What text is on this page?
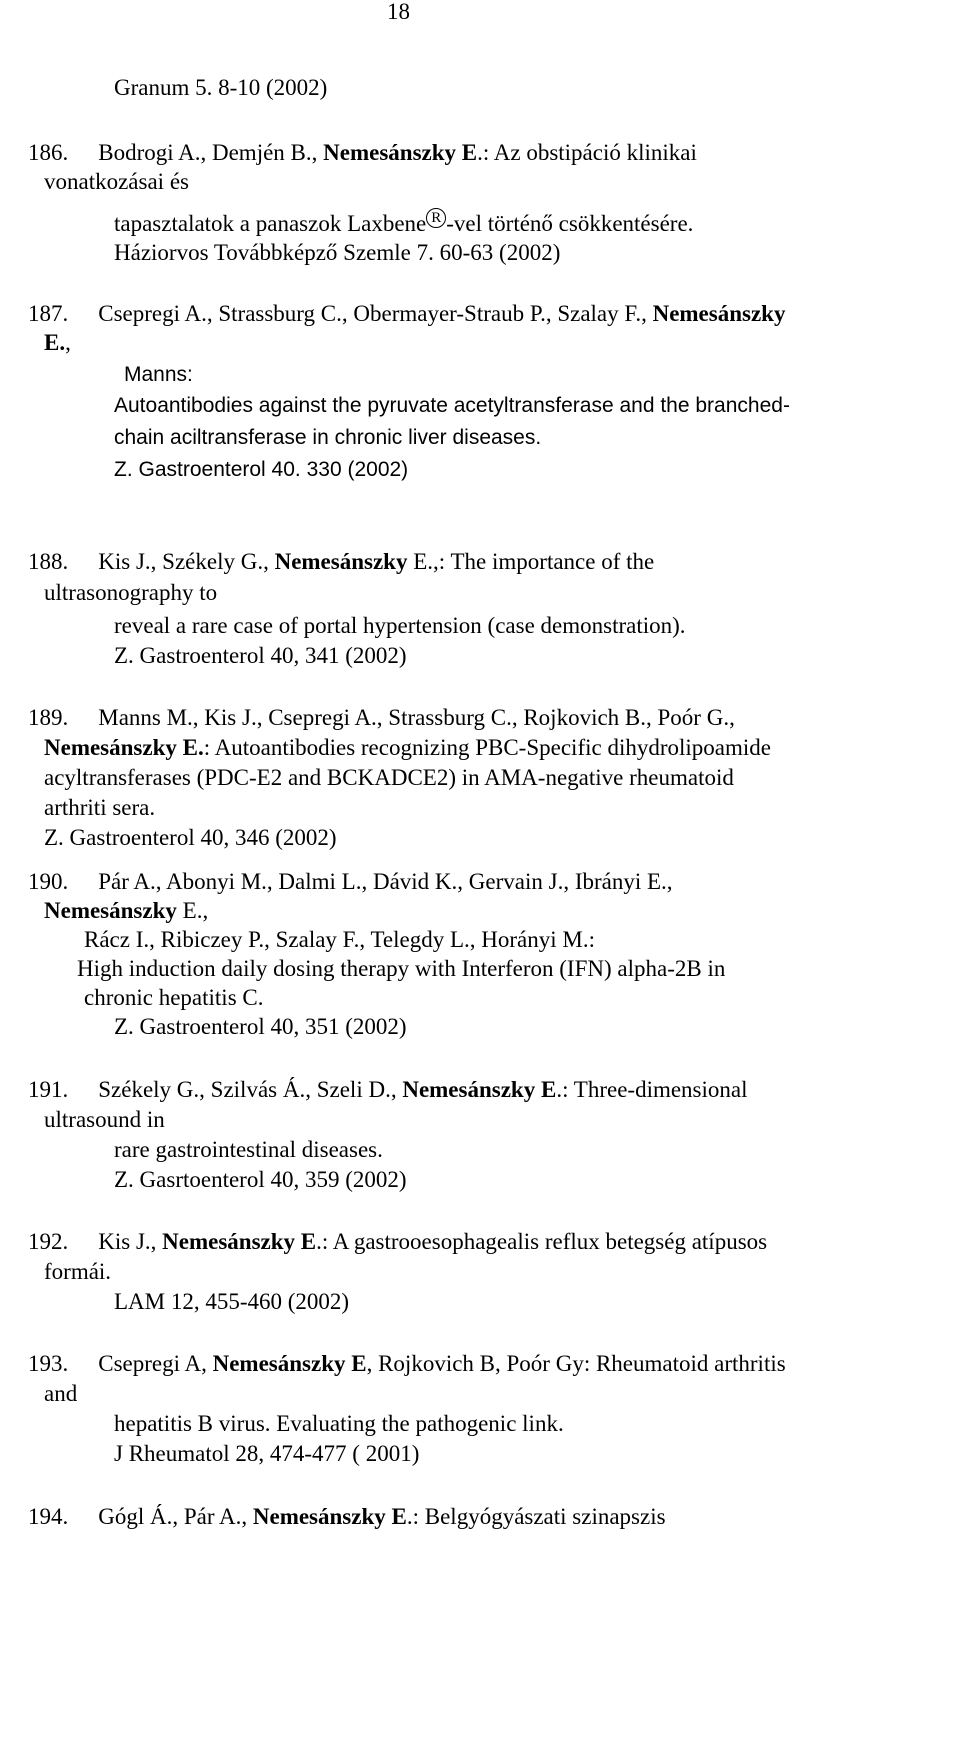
18
Granum 5. 8-10 (2002)
186. Bodrogi A., Demjén B., Nemesánszky E.: Az obstipáció klinikai
vonatkozásai és
tapasztalatok a panaszok Laxbene R -vel történő csökkentésére.
Háziorvos Továbbképző Szemle 7. 60-63 (2002)
187. Csepregi A., Strassburg C., Obermayer-Straub P., Szalay F., Nemesánszky
E.,
Manns:
Autoantibodies against the pyruvate acetyltransferase and the branched-
chain aciltransferase in chronic liver diseases.
Z. Gastroenterol 40. 330 (2002)
188. Kis J., Székely G., Nemesánszky E.,: The importance of the
ultrasonography to
reveal a rare case of portal hypertension (case demonstration).
Z. Gastroenterol 40, 341 (2002)
189. Manns M., Kis J., Csepregi A., Strassburg C., Rojkovich B., Poór G.,
Nemesánszky E.: Autoantibodies recognizing PBC-Specific dihydrolipoamide
acyltransferases (PDC-E2 and BCKADCE2) in AMA-negative rheumatoid
arthriti sera.
Z. Gastroenterol 40, 346 (2002)
190. Pár A., Abonyi M., Dalmi L., Dávid K., Gervain J., Ibrányi E.,
Nemesánszky E.,
Rácz I., Ribiczey P., Szalay F., Telegdy L., Horányi M.:
High induction daily dosing therapy with Interferon (IFN) alpha-2B in
chronic hepatitis C.
Z. Gastroenterol 40, 351 (2002)
191. Székely G., Szilvás Á., Szeli D., Nemesánszky E.: Three-dimensional
ultrasound in
rare gastrointestinal diseases.
Z. Gasrtoenterol 40, 359 (2002)
192. Kis J., Nemesánszky E.: A gastrooesophagealis reflux betegség atípusos
formái.
LAM 12, 455-460 (2002)
193. Csepregi A, Nemesánszky E, Rojkovich B, Poór Gy: Rheumatoid arthritis
and
hepatitis B virus. Evaluating the pathogenic link.
J Rheumatol 28, 474-477 ( 2001)
194. Gógl Á., Pár A., Nemesánszky E.: Belgyógyászati szinapszis
